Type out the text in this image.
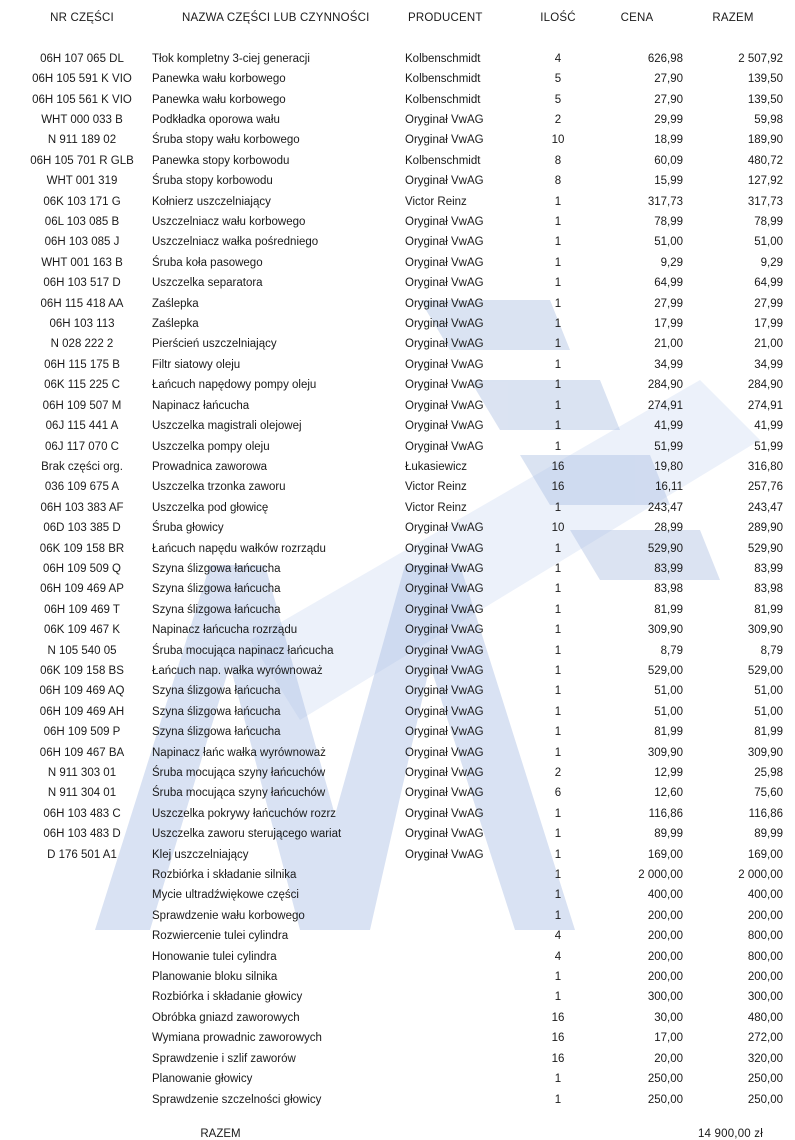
NR CZĘŚCI	NAZWA CZĘŚCI LUB CZYNNOŚCI	PRODUCENT	ILOŚĆ	CENA	RAZEM

06H 107 065 DL	Tłok kompletny 3-ciej generacji	Kolbenschmidt	4	626,98	2 507,92
06H 105 591 K VIO	Panewka wału korbowego	Kolbenschmidt	5	27,90	139,50
06H 105 561 K VIO	Panewka wału korbowego	Kolbenschmidt	5	27,90	139,50
WHT 000 033 B	Podkładka oporowa wału	Oryginał VwAG	2	29,99	59,98
N 911 189 02	Śruba stopy wału korbowego	Oryginał VwAG	10	18,99	189,90
06H 105 701 R GLB	Panewka stopy korbowodu	Kolbenschmidt	8	60,09	480,72
WHT 001 319	Śruba stopy korbowodu	Oryginał VwAG	8	15,99	127,92
06K 103 171 G	Kołnierz uszczelniający	Victor Reinz	1	317,73	317,73
06L 103 085 B	Uszczelniacz wału korbowego	Oryginał VwAG	1	78,99	78,99
06H 103 085 J	Uszczelniacz wałka pośredniego	Oryginał VwAG	1	51,00	51,00
WHT 001 163 B	Śruba koła pasowego	Oryginał VwAG	1	9,29	9,29
06H 103 517 D	Uszczelka separatora	Oryginał VwAG	1	64,99	64,99
06H 115 418 AA	Zaślepka	Oryginał VwAG	1	27,99	27,99
06H 103 113	Zaślepka	Oryginał VwAG	1	17,99	17,99
N 028 222 2	Pierścień uszczelniający	Oryginał VwAG	1	21,00	21,00
06H 115 175 B	Filtr siatowy oleju	Oryginał VwAG	1	34,99	34,99
06K 115 225 C	Łańcuch napędowy pompy oleju	Oryginał VwAG	1	284,90	284,90
06H 109 507 M	Napinacz łańcucha	Oryginał VwAG	1	274,91	274,91
06J 115 441 A	Uszczelka magistrali olejowej	Oryginał VwAG	1	41,99	41,99
06J 117 070 C	Uszczelka pompy oleju	Oryginał VwAG	1	51,99	51,99
Brak części org.	Prowadnica zaworowa	Łukasiewicz	16	19,80	316,80
036 109 675 A	Uszczelka trzonka zaworu	Victor Reinz	16	16,11	257,76
06H 103 383 AF	Uszczelka pod głowicę	Victor Reinz	1	243,47	243,47
06D 103 385 D	Śruba głowicy	Oryginał VwAG	10	28,99	289,90
06K 109 158 BR	Łańcuch napędu wałków rozrządu	Oryginał VwAG	1	529,90	529,90
06H 109 509 Q	Szyna ślizgowa łańcucha	Oryginał VwAG	1	83,99	83,99
06H 109 469 AP	Szyna ślizgowa łańcucha	Oryginał VwAG	1	83,98	83,98
06H 109 469 T	Szyna ślizgowa łańcucha	Oryginał VwAG	1	81,99	81,99
06K 109 467 K	Napinacz łańcucha rozrządu	Oryginał VwAG	1	309,90	309,90
N 105 540 05	Śruba mocująca napinacz łańcucha	Oryginał VwAG	1	8,79	8,79
06K 109 158 BS	Łańcuch nap. wałka wyrównoważ	Oryginał VwAG	1	529,00	529,00
06H 109 469 AQ	Szyna ślizgowa łańcucha	Oryginał VwAG	1	51,00	51,00
06H 109 469 AH	Szyna ślizgowa łańcucha	Oryginał VwAG	1	51,00	51,00
06H 109 509 P	Szyna ślizgowa łańcucha	Oryginał VwAG	1	81,99	81,99
06H 109 467 BA	Napinacz łańc wałka wyrównoważ	Oryginał VwAG	1	309,90	309,90
N 911 303 01	Śruba mocująca szyny łańcuchów	Oryginał VwAG	2	12,99	25,98
N 911 304 01	Śruba mocująca szyny łańcuchów	Oryginał VwAG	6	12,60	75,60
06H 103 483 C	Uszczelka pokrywy łańcuchów rozrz	Oryginał VwAG	1	116,86	116,86
06H 103 483 D	Uszczelka zaworu sterującego wariat	Oryginał VwAG	1	89,99	89,99
D 176 501 A1	Klej uszczelniający	Oryginał VwAG	1	169,00	169,00
	Rozbiórka i składanie silnika		1	2 000,00	2 000,00
	Mycie ultradźwiękowe części		1	400,00	400,00
	Sprawdzenie wału korbowego		1	200,00	200,00
	Rozwiercenie tulei cylindra		4	200,00	800,00
	Honowanie tulei cylindra		4	200,00	800,00
	Planowanie bloku silnika		1	200,00	200,00
	Rozbiórka i składanie głowicy		1	300,00	300,00
	Obróbka gniazd zaworowych		16	30,00	480,00
	Wymiana prowadnic zaworowych		16	17,00	272,00
	Sprawdzenie i szlif zaworów		16	20,00	320,00
	Planowanie głowicy		1	250,00	250,00
	Sprawdzenie szczelności głowicy		1	250,00	250,00
RAZEM	14 900,00 zł
